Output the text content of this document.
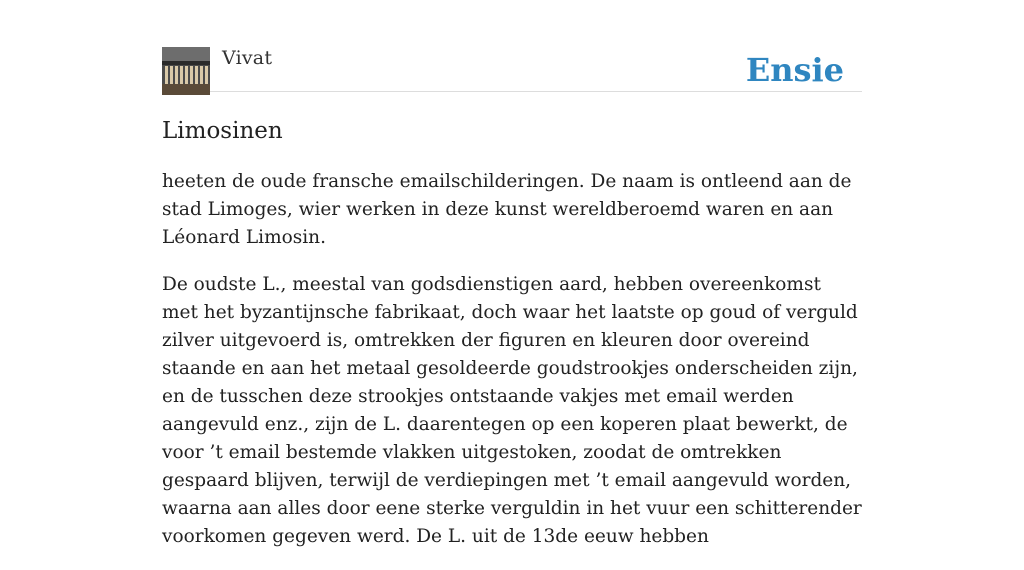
Vivat	Ensie
Limosinen

heeten de oude fransche emailschilderingen. De naam is ontleend aan de stad Limoges, wier werken in deze kunst wereldberoemd waren en aan Léonard Limosin.

De oudste L., meestal van godsdienstigen aard, hebben overeenkomst met het byzantijnsche fabrikaat, doch waar het laatste op goud of verguld zilver uitgevoerd is, omtrekken der figuren en kleuren door overeind staande en aan het metaal gesoldeerde goudstrookjes onderscheiden zijn, en de tusschen deze strookjes ontstaande vakjes met email werden aangevuld enz., zijn de L. daarentegen op een koperen plaat bewerkt, de voor ’t email bestemde vlakken uitgestoken, zoodat de omtrekken gespaard blijven, terwijl de verdiepingen met ’t email aangevuld worden, waarna aan alles door eene sterke verguldin in het vuur een schitterender voorkomen gegeven werd. De L. uit de 13de eeuw hebben
